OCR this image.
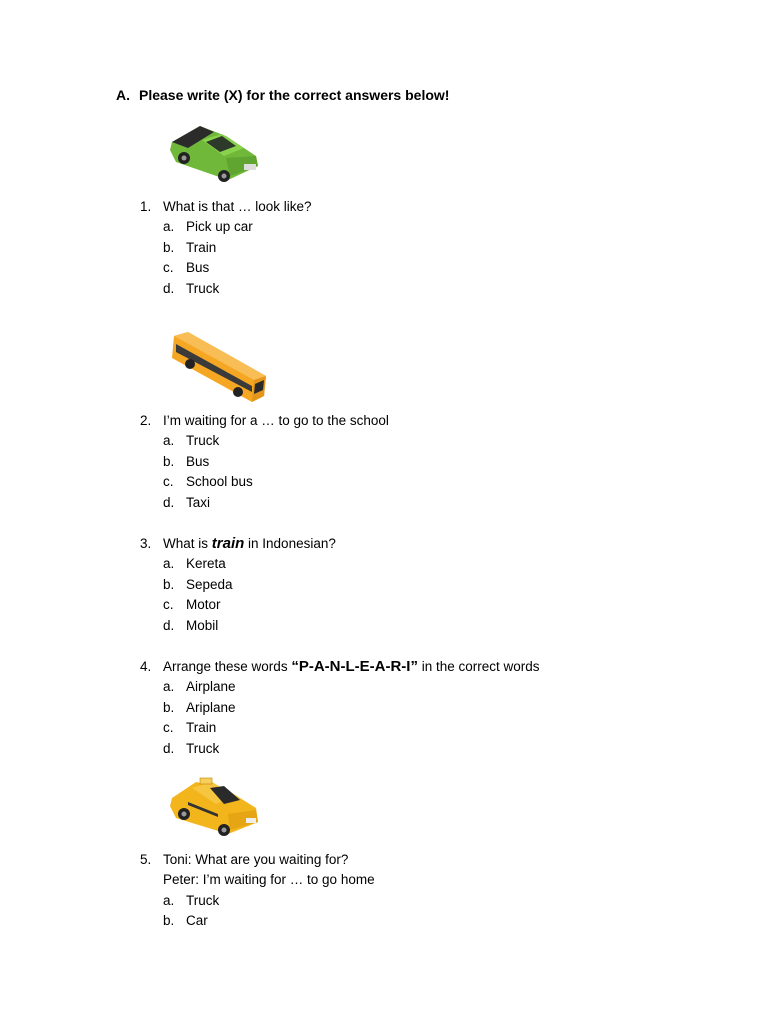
A. Please write (X) for the correct answers below!
1. What is that … look like?
a. Pick up car
b. Train
c. Bus
d. Truck
2. I’m waiting for a … to go to the school
a. Truck
b. Bus
c. School bus
d. Taxi
3. What is train in Indonesian?
a. Kereta
b. Sepeda
c. Motor
d. Mobil
4. Arrange these words “P-A-N-L-E-A-R-I” in the correct words
a. Airplane
b. Ariplane
c. Train
d. Truck
5. Toni: What are you waiting for?
Peter: I’m waiting for … to go home
a. Truck
b. Car
